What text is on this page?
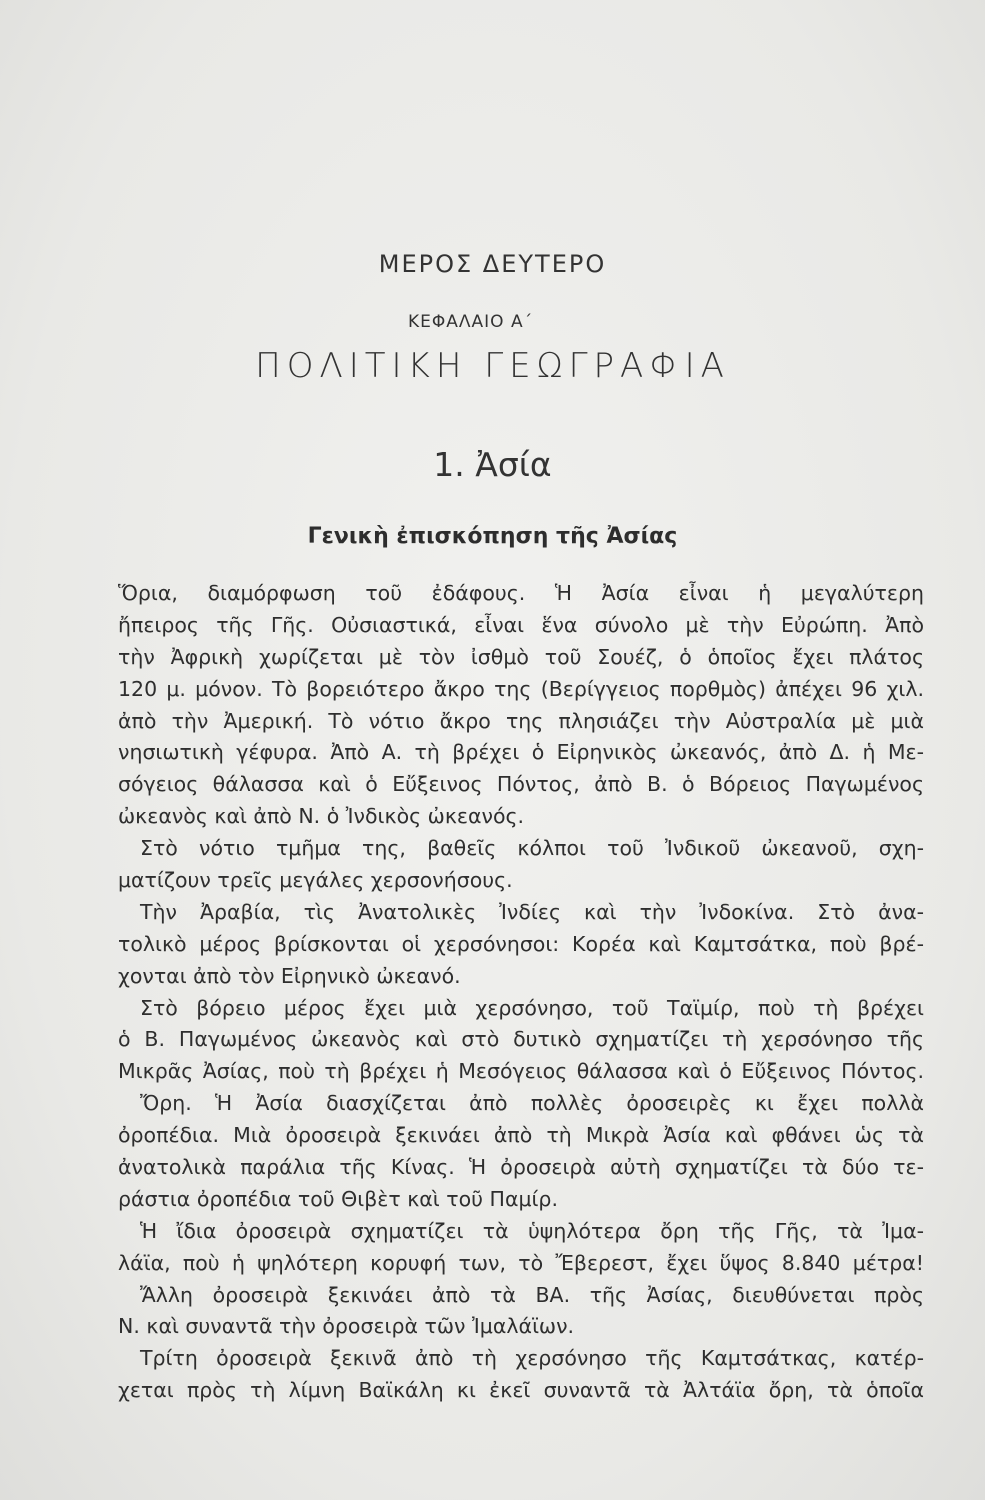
ΜΕΡΟΣ ΔΕΥΤΕΡΟ
ΚΕΦΑΛΑΙΟ Α΄
ΠΟΛΙΤΙΚΗ ΓΕΩΓΡΑΦΙΑ
1. Ἀσία
Γενικὴ ἐπισκόπηση τῆς Ἀσίας
Ὅρια, διαμόρφωση τοῦ ἐδάφους. Ἡ Ἀσία εἶναι ἡ μεγαλύτερη
ἤπειρος τῆς Γῆς. Οὐσιαστικά, εἶναι ἕνα σύνολο μὲ τὴν Εὐρώπη. Ἀπὸ
τὴν Ἀφρικὴ χωρίζεται μὲ τὸν ἰσθμὸ τοῦ Σουέζ, ὁ ὁποῖος ἔχει πλάτος
120 μ. μόνον. Τὸ βορειότερο ἄκρο της (Βερίγγειος πορθμὸς) ἀπέχει 96 χιλ.
ἀπὸ τὴν Ἀμερική. Τὸ νότιο ἄκρο της πλησιάζει τὴν Αὐστραλία μὲ μιὰ
νησιωτικὴ γέφυρα. Ἀπὸ Α. τὴ βρέχει ὁ Εἰρηνικὸς ὠκεανός, ἀπὸ Δ. ἡ Με-
σόγειος θάλασσα καὶ ὁ Εὔξεινος Πόντος, ἀπὸ Β. ὁ Βόρειος Παγωμένος
ὠκεανὸς καὶ ἀπὸ Ν. ὁ Ἰνδικὸς ὠκεανός.
Στὸ νότιο τμῆμα της, βαθεῖς κόλποι τοῦ Ἰνδικοῦ ὠκεανοῦ, σχη-
ματίζουν τρεῖς μεγάλες χερσονήσους.
Τὴν Ἀραβία, τὶς Ἀνατολικὲς Ἰνδίες καὶ τὴν Ἰνδοκίνα. Στὸ ἀνα-
τολικὸ μέρος βρίσκονται οἱ χερσόνησοι: Κορέα καὶ Καμτσάτκα, ποὺ βρέ-
χονται ἀπὸ τὸν Εἰρηνικὸ ὠκεανό.
Στὸ βόρειο μέρος ἔχει μιὰ χερσόνησο, τοῦ Ταϊμίρ, ποὺ τὴ βρέχει
ὁ Β. Παγωμένος ὠκεανὸς καὶ στὸ δυτικὸ σχηματίζει τὴ χερσόνησο τῆς
Μικρᾶς Ἀσίας, ποὺ τὴ βρέχει ἡ Μεσόγειος θάλασσα καὶ ὁ Εὔξεινος Πόντος.
Ὄρη. Ἡ Ἀσία διασχίζεται ἀπὸ πολλὲς ὀροσειρὲς κι ἔχει πολλὰ
ὀροπέδια. Μιὰ ὀροσειρὰ ξεκινάει ἀπὸ τὴ Μικρὰ Ἀσία καὶ φθάνει ὡς τὰ
ἀνατολικὰ παράλια τῆς Κίνας. Ἡ ὀροσειρὰ αὐτὴ σχηματίζει τὰ δύο τε-
ράστια ὀροπέδια τοῦ Θιβὲτ καὶ τοῦ Παμίρ.
Ἡ ἴδια ὀροσειρὰ σχηματίζει τὰ ὑψηλότερα ὄρη τῆς Γῆς, τὰ Ἰμα-
λάϊα, ποὺ ἡ ψηλότερη κορυφή των, τὸ Ἔβερεστ, ἔχει ὕψος 8.840 μέτρα!
Ἄλλη ὀροσειρὰ ξεκινάει ἀπὸ τὰ ΒΑ. τῆς Ἀσίας, διευθύνεται πρὸς
Ν. καὶ συναντᾶ τὴν ὀροσειρὰ τῶν Ἰμαλάϊων.
Τρίτη ὀροσειρὰ ξεκινᾶ ἀπὸ τὴ χερσόνησο τῆς Καμτσάτκας, κατέρ-
χεται πρὸς τὴ λίμνη Βαϊκάλη κι ἐκεῖ συναντᾶ τὰ Ἀλτάϊα ὄρη, τὰ ὁποῖα
